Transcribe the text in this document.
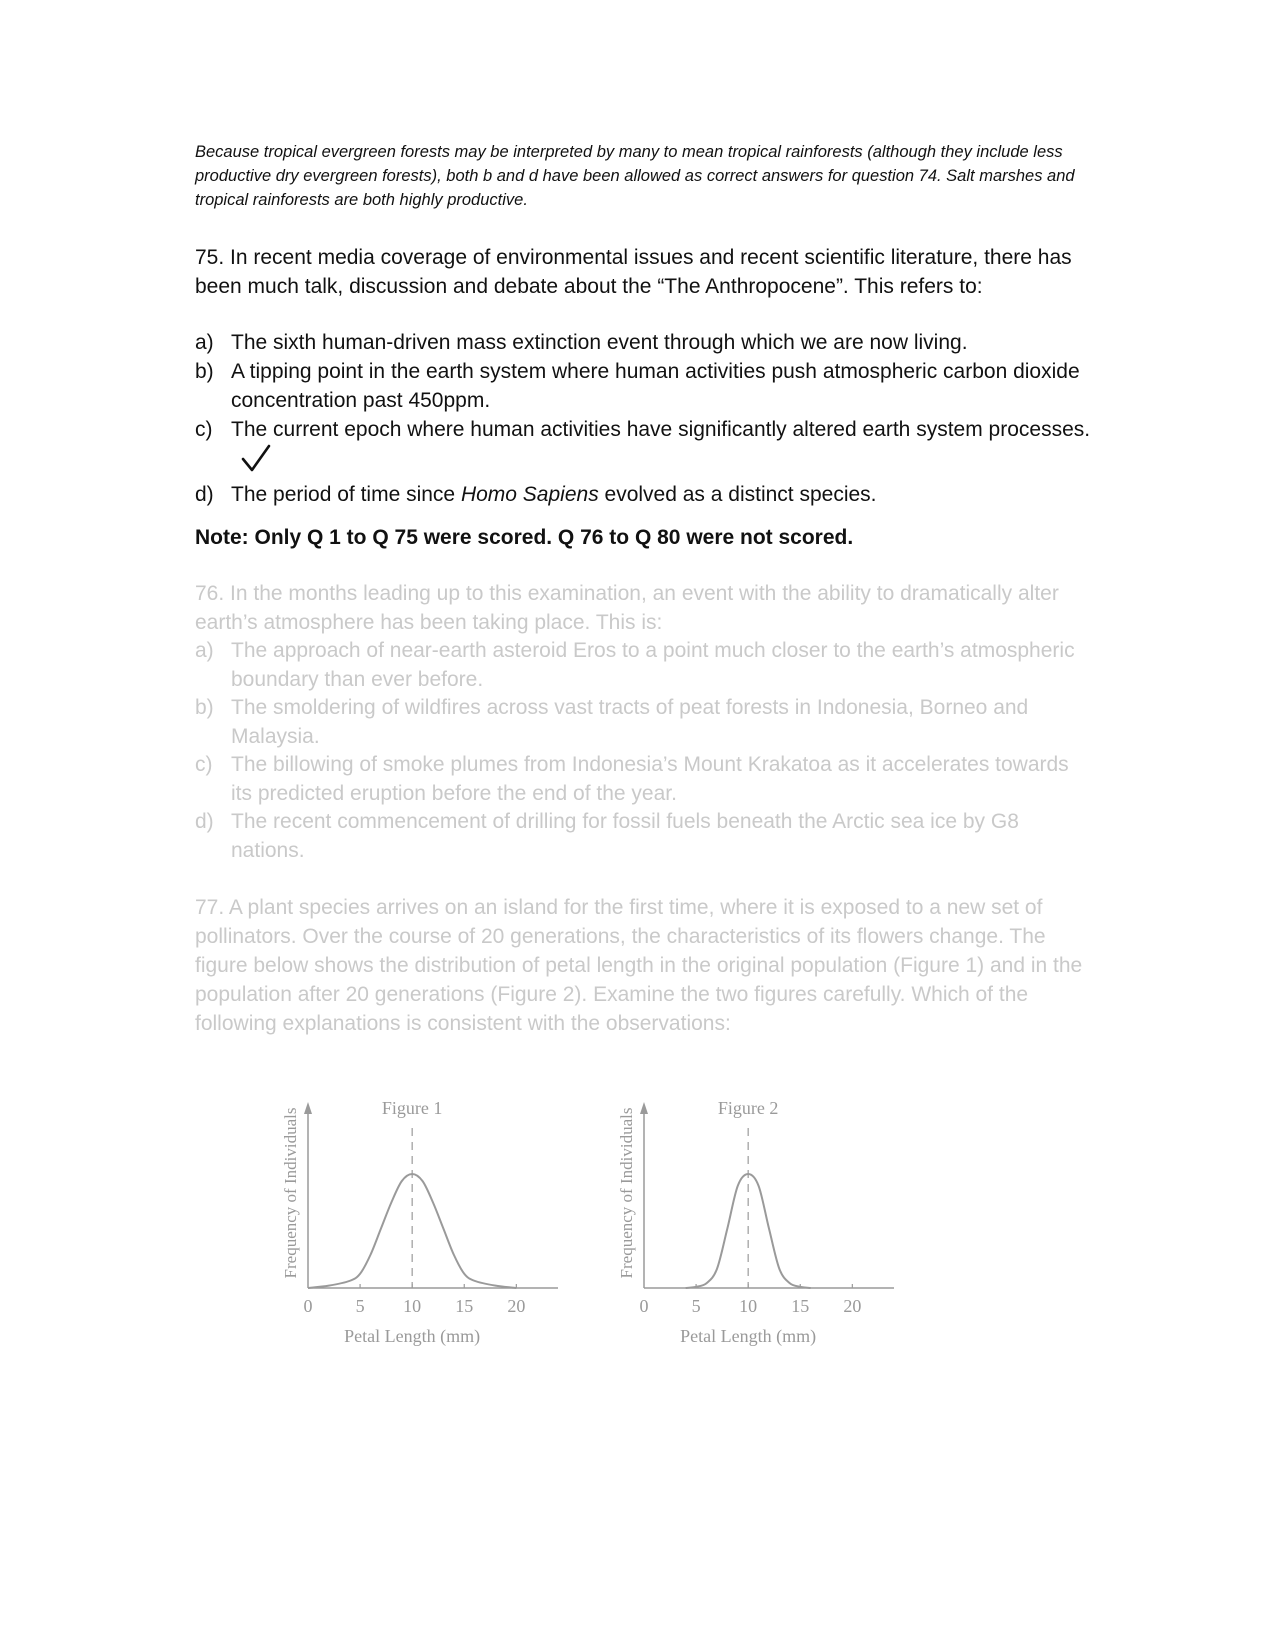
Because tropical evergreen forests may be interpreted by many to mean tropical rainforests (although they include less productive dry evergreen forests), both b and d have been allowed as correct answers for question 74. Salt marshes and tropical rainforests are both highly productive.
75. In recent media coverage of environmental issues and recent scientific literature, there has been much talk, discussion and debate about the “The Anthropocene”. This refers to:
a) The sixth human-driven mass extinction event through which we are now living.
b) A tipping point in the earth system where human activities push atmospheric carbon dioxide concentration past 450ppm.
c) The current epoch where human activities have significantly altered earth system processes.
d) The period of time since Homo Sapiens evolved as a distinct species.
Note: Only Q 1 to Q 75 were scored. Q 76 to Q 80 were not scored.
76. In the months leading up to this examination, an event with the ability to dramatically alter earth’s atmosphere has been taking place. This is:
a) The approach of near-earth asteroid Eros to a point much closer to the earth’s atmospheric boundary than ever before.
b) The smoldering of wildfires across vast tracts of peat forests in Indonesia, Borneo and Malaysia.
c) The billowing of smoke plumes from Indonesia’s Mount Krakatoa as it accelerates towards its predicted eruption before the end of the year.
d) The recent commencement of drilling for fossil fuels beneath the Arctic sea ice by G8 nations.
77. A plant species arrives on an island for the first time, where it is exposed to a new set of pollinators. Over the course of 20 generations, the characteristics of its flowers change. The figure below shows the distribution of petal length in the original population (Figure 1) and in the population after 20 generations (Figure 2). Examine the two figures carefully. Which of the following explanations is consistent with the observations:
Figure 1
Frequency of Individuals
0 5 10 15 20
Petal Length (mm)
Figure 2
Frequency of Individuals
0 5 10 15 20
Petal Length (mm)
